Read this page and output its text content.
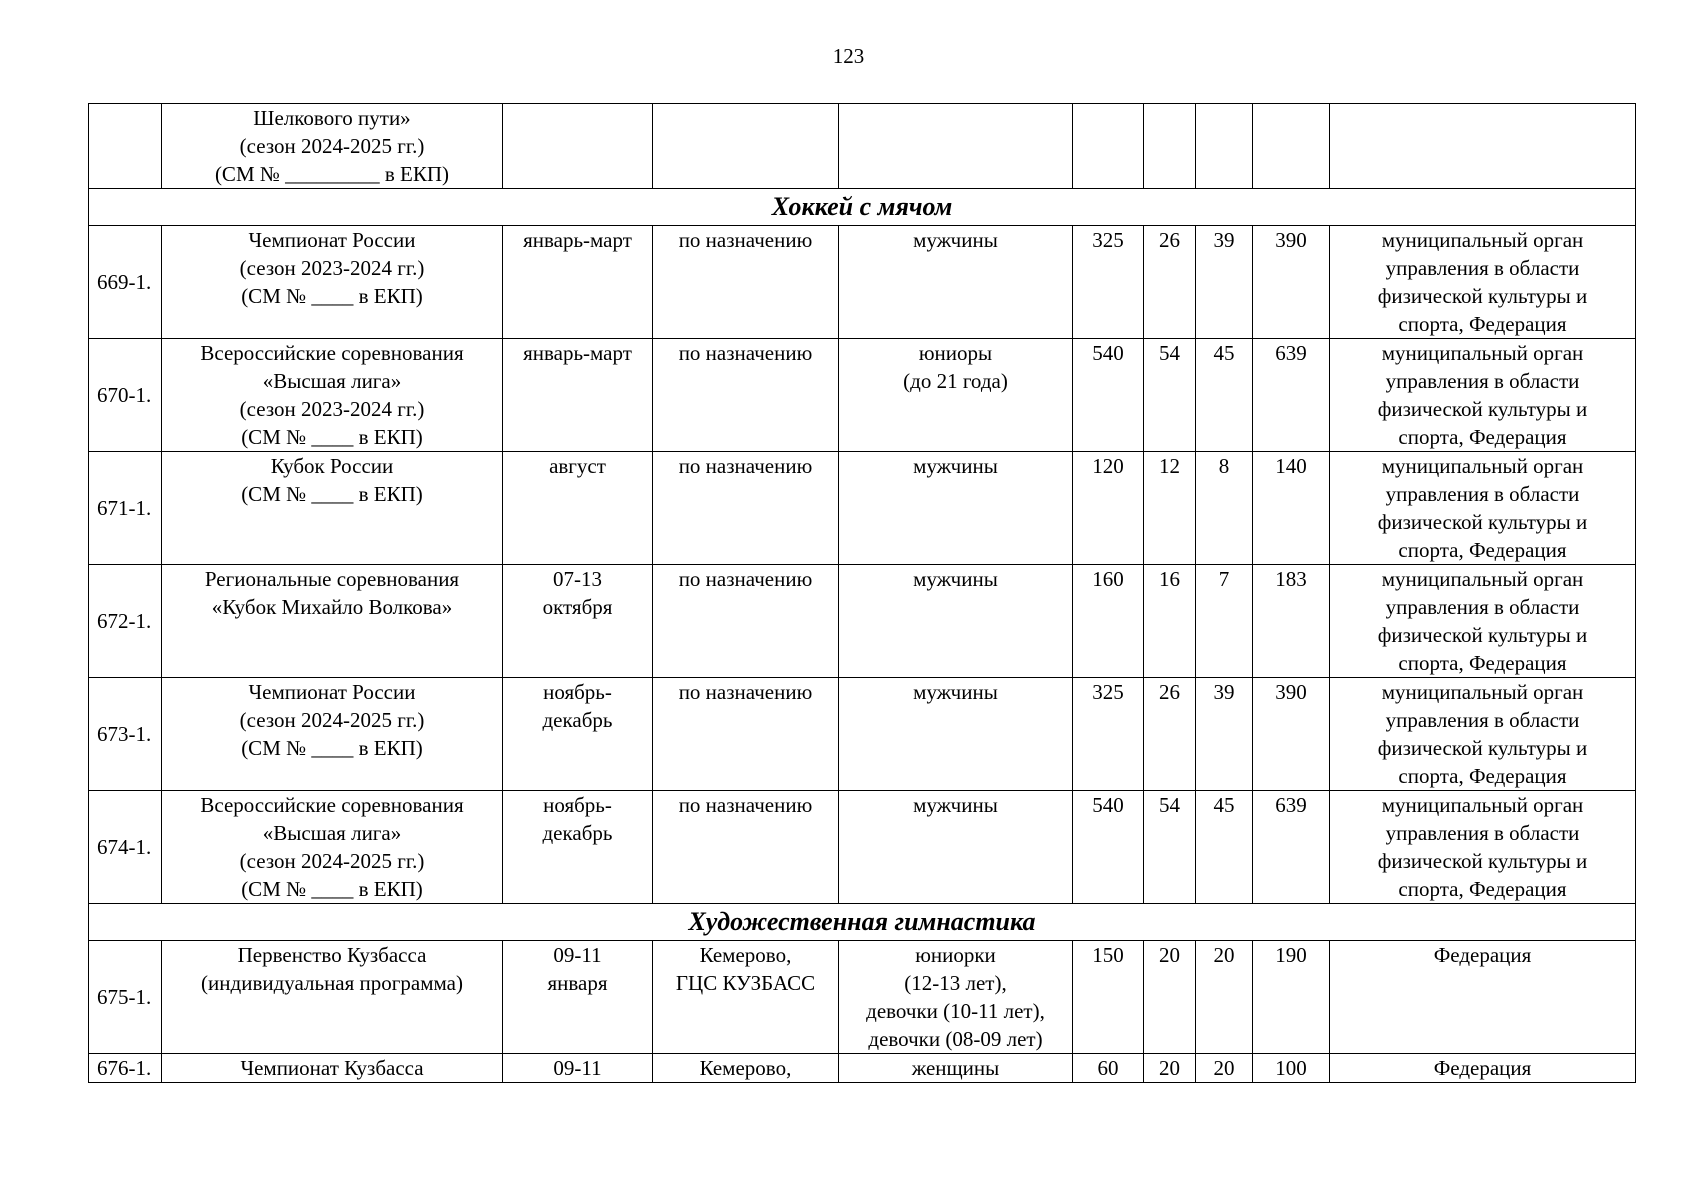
123

	Шелкового пути»
(сезон 2024-2025 гг.)
(СМ № _________ в ЕКП)								

Хоккей с мячом									
669-1.	Чемпионат России
(сезон 2023-2024 гг.)
(СМ № ____ в ЕКП)	январь-март	по назначению	мужчины	325	26	39	390	муниципальный орган
управления в области
физической культуры и
спорта, Федерация

670-1.	Всероссийские соревнования
«Высшая лига»
(сезон 2023-2024 гг.)
(СМ № ____ в ЕКП)	январь-март	по назначению	юниоры
(до 21 года)	540	54	45	639	муниципальный орган
управления в области
физической культуры и
спорта, Федерация

671-1.	Кубок России
(СМ № ____ в ЕКП)	август	по назначению	мужчины	120	12	8	140	муниципальный орган
управления в области
физической культуры и
спорта, Федерация

672-1.	Региональные соревнования
«Кубок Михайло Волкова»	07-13
октября	по назначению	мужчины	160	16	7	183	муниципальный орган
управления в области
физической культуры и
спорта, Федерация

673-1.	Чемпионат России
(сезон 2024-2025 гг.)
(СМ № ____ в ЕКП)	ноябрь-
декабрь	по назначению	мужчины	325	26	39	390	муниципальный орган
управления в области
физической культуры и
спорта, Федерация

674-1.	Всероссийские соревнования
«Высшая лига»
(сезон 2024-2025 гг.)
(СМ № ____ в ЕКП)	ноябрь-
декабрь	по назначению	мужчины	540	54	45	639	муниципальный орган
управления в области
физической культуры и
спорта, Федерация

Художественная гимнастика									
675-1.	Первенство Кузбасса
(индивидуальная программа)	09-11
января	Кемерово,
ГЦС КУЗБАСС	юниорки
(12-13 лет),
девочки (10-11 лет),
девочки (08-09 лет)	150	20	20	190	Федерация

676-1.	Чемпионат Кузбасса	09-11	Кемерово,	женщины	60	20	20	100	Федерация
